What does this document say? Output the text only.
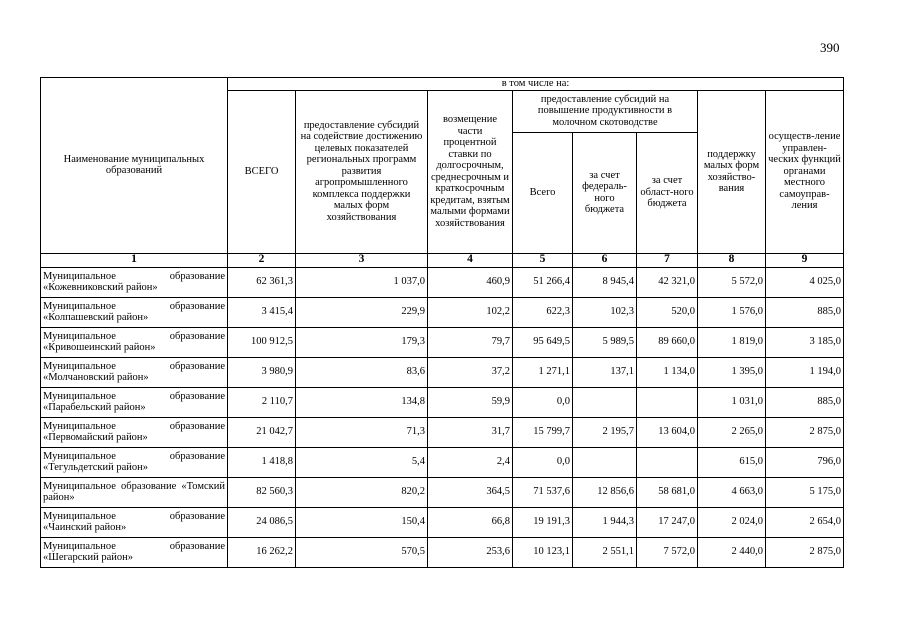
390
Наименование муниципальных образований	в том числе на:							
	ВСЕГО	предоставление субсидий на содействие достижению целевых показателей региональных программ развития агропромышленного комплекса поддержки малых форм хозяйствования	возмещение части процентной ставки по долгосрочным, среднесрочным и краткосрочным кредитам, взятым малыми формами хозяйствования	предоставление субсидий на повышение продуктивности в молочном скотоводстве			поддержку малых форм хозяйство-вания	осуществ-ление управлен-ческих функций органами местного самоуправ-ления
				Всего	за счет федераль-ного бюджета	за счет област-ного бюджета		
1	2	3	4	5	6	7	8	9
Муниципальное образование «Кожевниковский район»	62 361,3	1 037,0	460,9	51 266,4	8 945,4	42 321,0	5 572,0	4 025,0
Муниципальное образование «Колпашевский район»	3 415,4	229,9	102,2	622,3	102,3	520,0	1 576,0	885,0
Муниципальное образование «Кривошеинский район»	100 912,5	179,3	79,7	95 649,5	5 989,5	89 660,0	1 819,0	3 185,0
Муниципальное образование «Молчановский район»	3 980,9	83,6	37,2	1 271,1	137,1	1 134,0	1 395,0	1 194,0
Муниципальное образование «Парабельский район»	2 110,7	134,8	59,9	0,0			1 031,0	885,0
Муниципальное образование «Первомайский район»	21 042,7	71,3	31,7	15 799,7	2 195,7	13 604,0	2 265,0	2 875,0
Муниципальное образование «Тегульдетский район»	1 418,8	5,4	2,4	0,0			615,0	796,0
Муниципальное образование «Томский район»	82 560,3	820,2	364,5	71 537,6	12 856,6	58 681,0	4 663,0	5 175,0
Муниципальное образование «Чаинский район»	24 086,5	150,4	66,8	19 191,3	1 944,3	17 247,0	2 024,0	2 654,0
Муниципальное образование «Шегарский район»	16 262,2	570,5	253,6	10 123,1	2 551,1	7 572,0	2 440,0	2 875,0
